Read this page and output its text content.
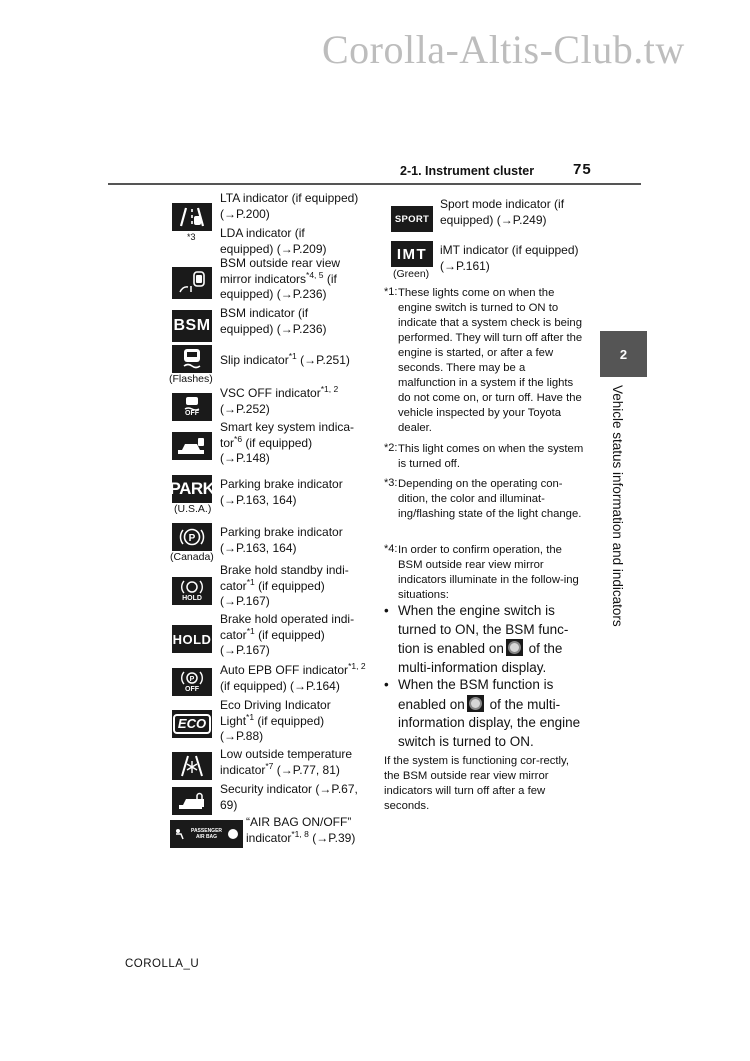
Corolla-Altis-Club.tw
2-1. Instrument cluster	75
2
Vehicle status information and indicators
*3
BSM
(Flashes)
OFF
PARK
(U.S.A.)
P
(Canada)
HOLD
HOLD
P
OFF
ECO
PASSENGER
AIR BAG
LTA indicator (if equipped)
(→P.200)
LDA indicator (if equipped) (→P.209)
BSM outside rear view mirror indicators$^{*4, 5}$ (if equipped) (→P.236)
BSM indicator (if equipped) (→P.236)
Slip indicator$^{*1}$ (→P.251)
VSC OFF indicator$^{*1, 2}$ (→P.252)
Smart key system indica-tor$^{*6}$ (if equipped) (→P.148)
Parking brake indicator (→P.163, 164)
Parking brake indicator (→P.163, 164)
Brake hold standby indi-cator$^{*1}$ (if equipped) (→P.167)
Brake hold operated indi-cator$^{*1}$ (if equipped) (→P.167)
Auto EPB OFF indicator$^{*1, 2}$ (if equipped) (→P.164)
Eco Driving Indicator Light$^{*1}$ (if equipped) (→P.88)
Low outside temperature indicator$^{*7}$ (→P.77, 81)
Security indicator (→P.67, 69)
“AIR BAG ON/OFF” indicator$^{*1, 8}$ (→P.39)
SPORT
Sport mode indicator (if equipped) (→P.249)
IMT
(Green)
iMT indicator (if equipped) (→P.161)
*1: These lights come on when the engine switch is turned to ON to indicate that a system check is being performed. They will turn off after the engine is started, or after a few seconds. There may be a malfunction in a system if the lights do not come on, or turn off. Have the vehicle inspected by your Toyota dealer.
*2: This light comes on when the system is turned off.
*3: Depending on the operating con-dition, the color and illuminat-ing/flashing state of the light change.
*4: In order to confirm operation, the BSM outside rear view mirror indicators illuminate in the follow-ing situations:
• When the engine switch is turned to ON, the BSM func-tion is enabled on of the multi-information display.
• When the BSM function is enabled on of the multi-information display, the engine switch is turned to ON.
If the system is functioning cor-rectly, the BSM outside rear view mirror indicators will turn off after a few seconds.
COROLLA_U
